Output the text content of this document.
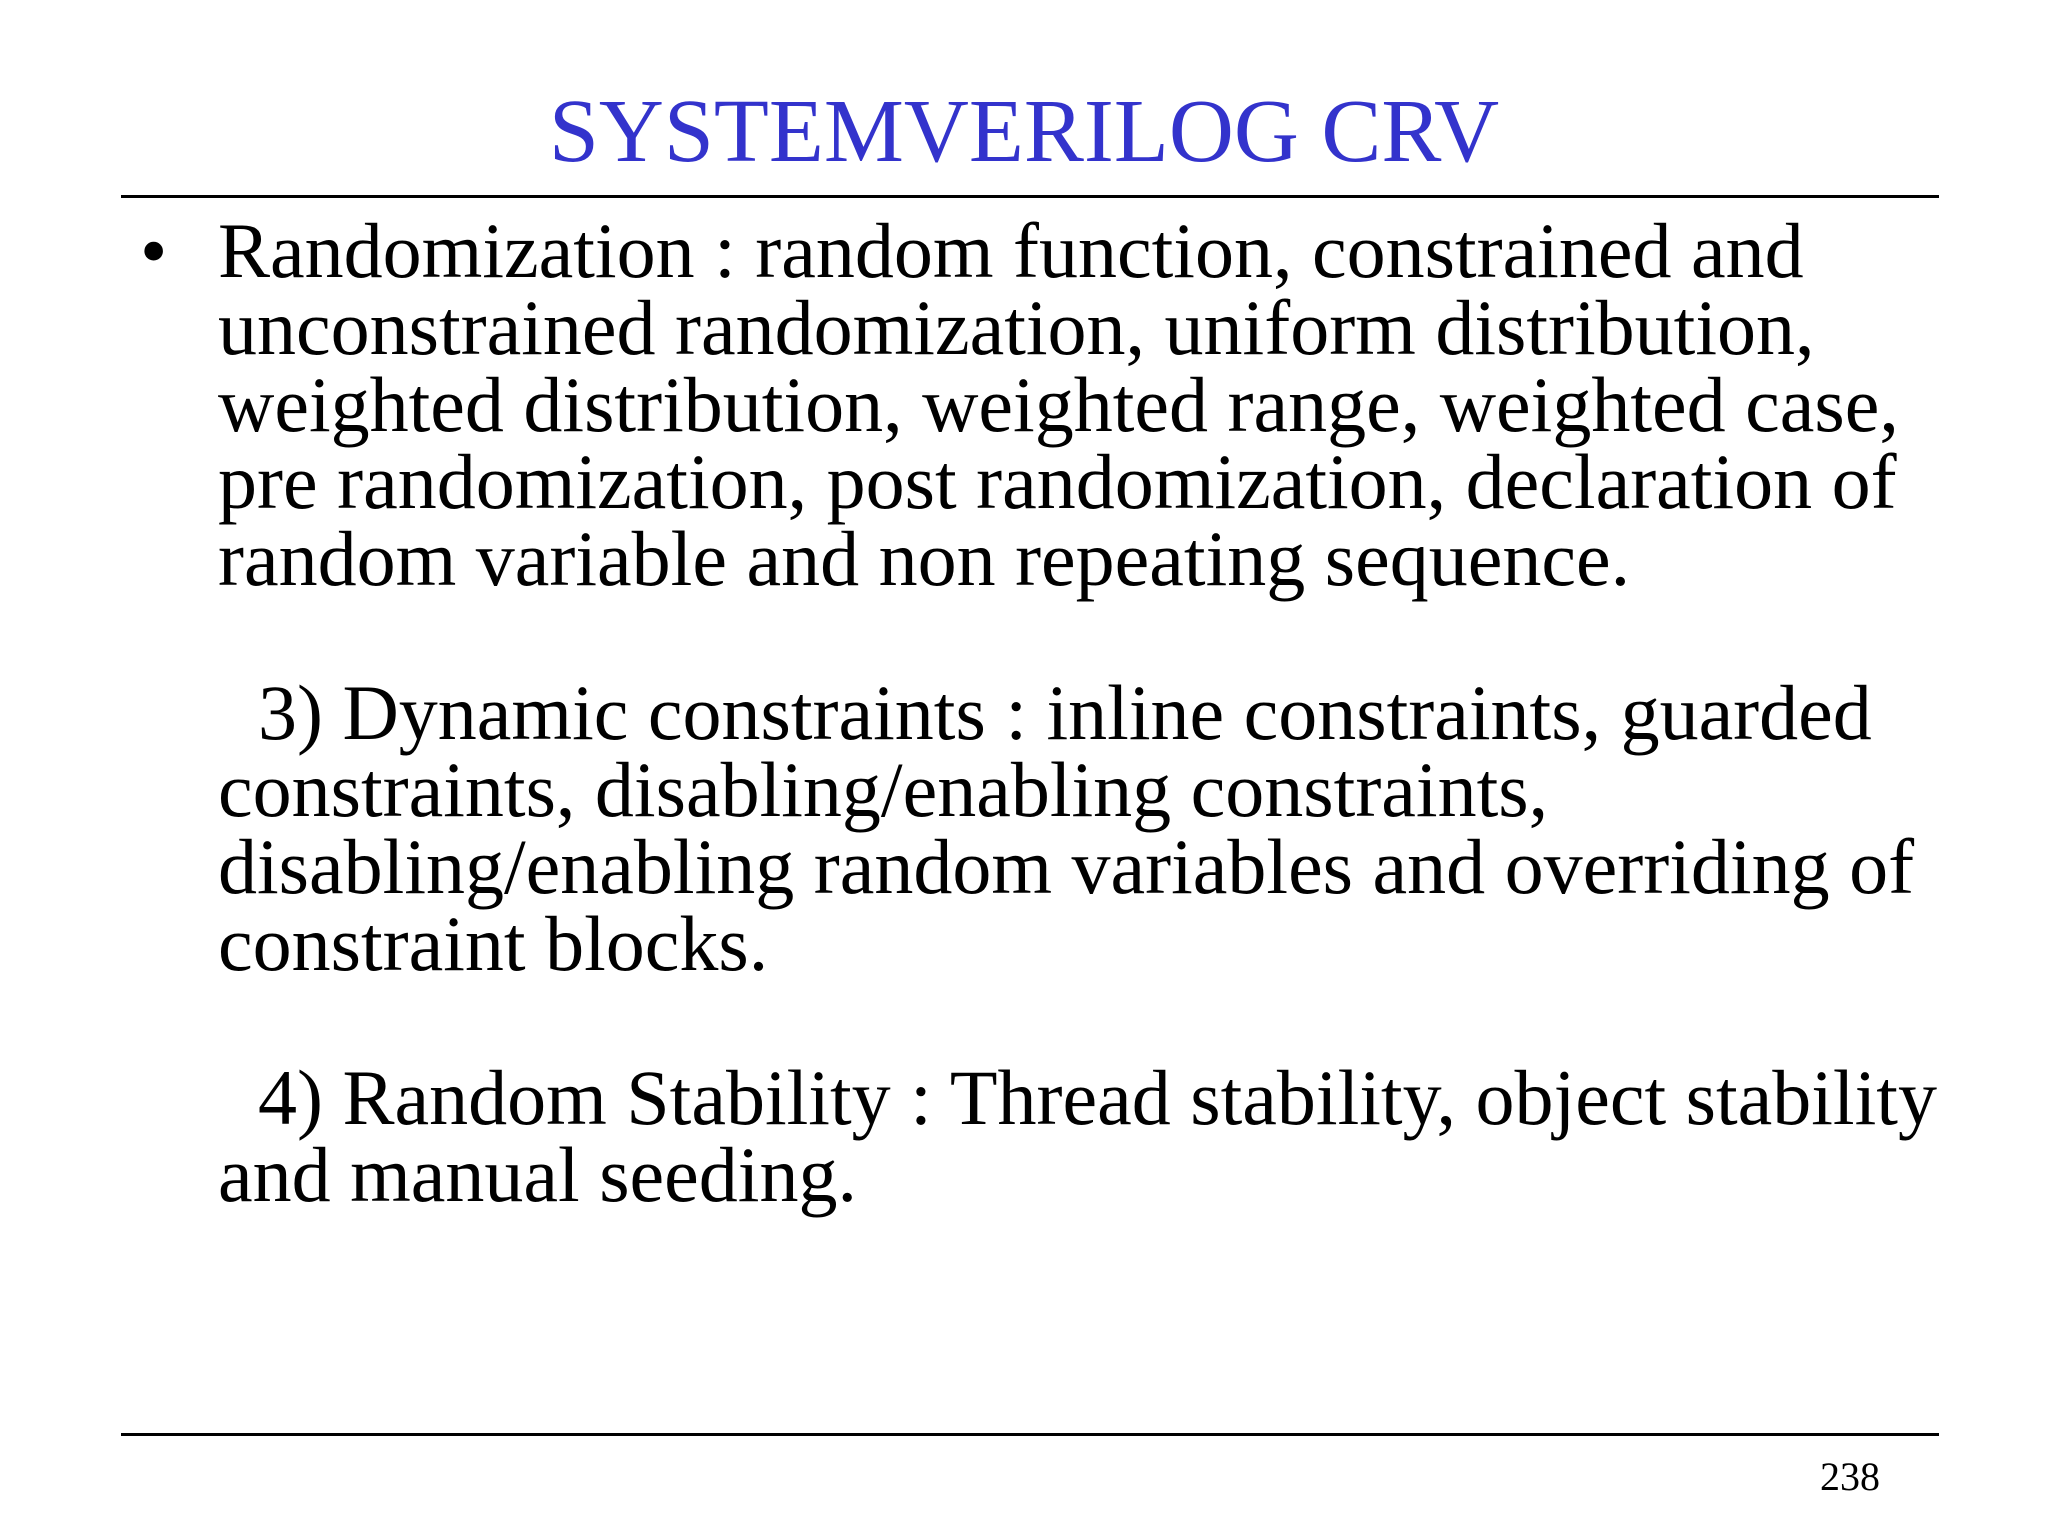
SYSTEMVERILOG CRV
• Randomization : random function, constrained and unconstrained randomization, uniform distribution, weighted distribution, weighted range, weighted case, pre randomization, post randomization, declaration of random variable and non repeating sequence.

3) Dynamic constraints : inline constraints, guarded constraints, disabling/enabling constraints, disabling/enabling random variables and overriding of constraint blocks.

4) Random Stability : Thread stability, object stability and manual seeding.

238
